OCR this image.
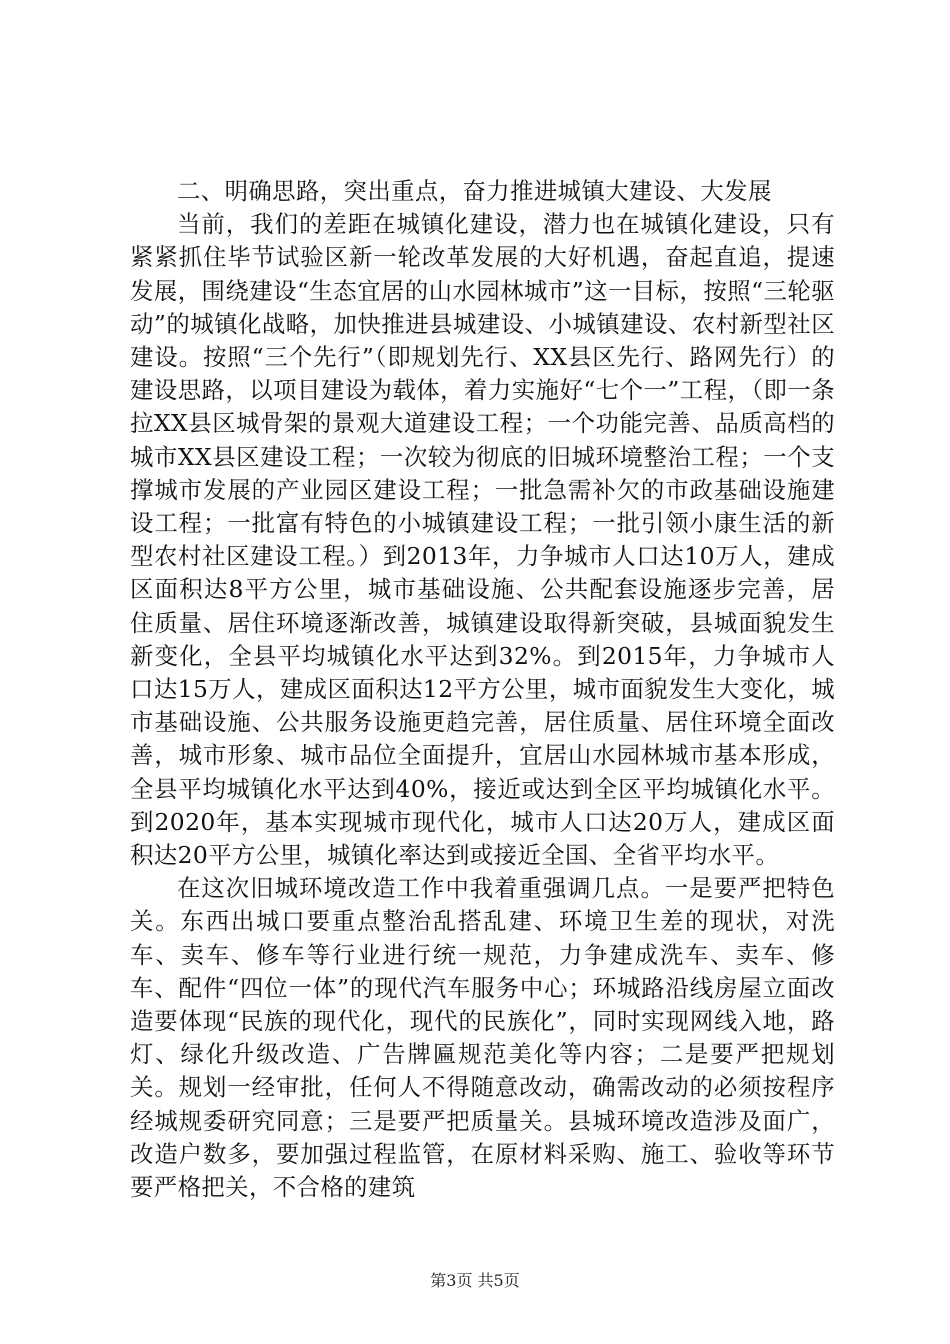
二、明确思路，突出重点，奋力推进城镇大建设、大发展

当前，我们的差距在城镇化建设，潜力也在城镇化建设，只有紧紧抓住毕节试验区新一轮改革发展的大好机遇，奋起直追，提速发展，围绕建设“生态宜居的山水园林城市”这一目标，按照“三轮驱动”的城镇化战略，加快推进县城建设、小城镇建设、农村新型社区建设。按照“三个先行”（即规划先行、XX县区先行、路网先行）的建设思路，以项目建设为载体，着力实施好“七个一”工程，（即一条拉XX县区城骨架的景观大道建设工程；一个功能完善、品质高档的城市XX县区建设工程；一次较为彻底的旧城环境整治工程；一个支撑城市发展的产业园区建设工程；一批急需补欠的市政基础设施建设工程；一批富有特色的小城镇建设工程；一批引领小康生活的新型农村社区建设工程。）到2013年，力争城市人口达10万人，建成区面积达8平方公里，城市基础设施、公共配套设施逐步完善，居住质量、居住环境逐渐改善，城镇建设取得新突破，县城面貌发生新变化，全县平均城镇化水平达到32%。到2015年，力争城市人口达15万人，建成区面积达12平方公里，城市面貌发生大变化，城市基础设施、公共服务设施更趋完善，居住质量、居住环境全面改善，城市形象、城市品位全面提升，宜居山水园林城市基本形成，全县平均城镇化水平达到40%，接近或达到全区平均城镇化水平。到2020年，基本实现城市现代化，城市人口达20万人，建成区面积达20平方公里，城镇化率达到或接近全国、全省平均水平。

在这次旧城环境改造工作中我着重强调几点。一是要严把特色关。东西出城口要重点整治乱搭乱建、环境卫生差的现状，对洗车、卖车、修车等行业进行统一规范，力争建成洗车、卖车、修车、配件“四位一体”的现代汽车服务中心；环城路沿线房屋立面改造要体现“民族的现代化，现代的民族化”，同时实现网线入地，路灯、绿化升级改造、广告牌匾规范美化等内容；二是要严把规划关。规划一经审批，任何人不得随意改动，确需改动的必须按程序经城规委研究同意；三是要严把质量关。县城环境改造涉及面广，改造户数多，要加强过程监管，在原材料采购、施工、验收等环节要严格把关，不合格的建筑

第3页 共5页
